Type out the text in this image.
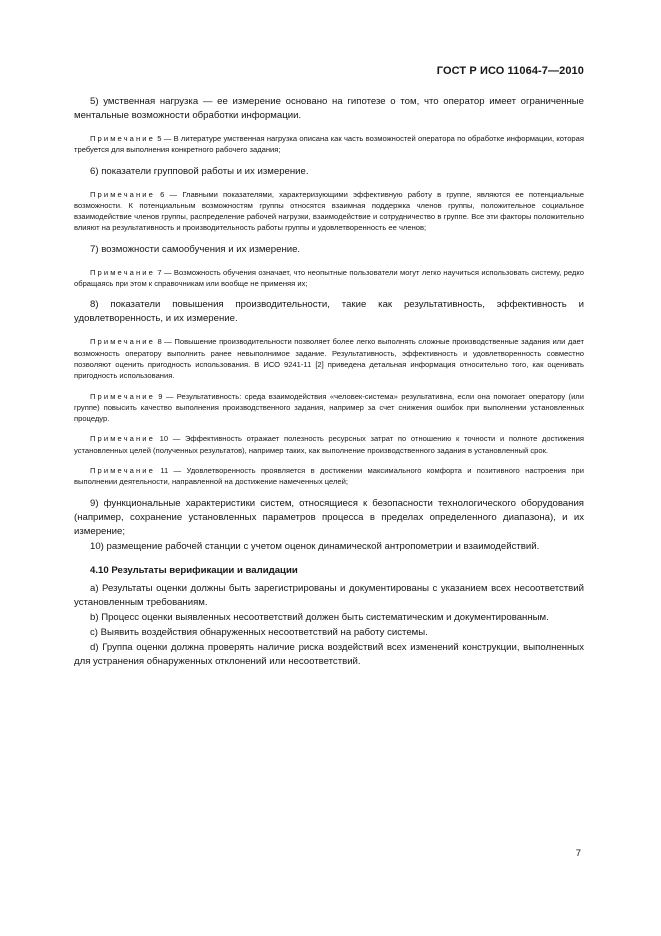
ГОСТ Р ИСО 11064-7—2010
5) умственная нагрузка — ее измерение основано на гипотезе о том, что оператор имеет ограниченные ментальные возможности обработки информации.
Примечание 5 — В литературе умственная нагрузка описана как часть возможностей оператора по обработке информации, которая требуется для выполнения конкретного рабочего задания;
6) показатели групповой работы и их измерение.
Примечание 6 — Главными показателями, характеризующими эффективную работу в группе, являются ее потенциальные возможности. К потенциальным возможностям группы относятся взаимная поддержка членов группы, положительное социальное взаимодействие членов группы, распределение рабочей нагрузки, взаимодействие и сотрудничество в группе. Все эти факторы положительно влияют на результативность и производительность работы группы и удовлетворенность ее членов;
7) возможности самообучения и их измерение.
Примечание 7 — Возможность обучения означает, что неопытные пользователи могут легко научиться использовать систему, редко обращаясь при этом к справочникам или вообще не применяя их;
8) показатели повышения производительности, такие как результативность, эффективность и удовлетворенность, и их измерение.
Примечание 8 — Повышение производительности позволяет более легко выполнять сложные производственные задания или дает возможность оператору выполнить ранее невыполнимое задание. Результативность, эффективность и удовлетворенность совместно позволяют оценить пригодность использования. В ИСО 9241-11 [2] приведена детальная информация относительно того, как оценивать пригодность использования.
Примечание 9 — Результативность: среда взаимодействия «человек-система» результативна, если она помогает оператору (или группе) повысить качество выполнения производственного задания, например за счет снижения ошибок при выполнении установленных процедур.
Примечание 10 — Эффективность отражает полезность ресурсных затрат по отношению к точности и полноте достижения установленных целей (полученных результатов), например таких, как выполнение производственного задания в установленный срок.
Примечание 11 — Удовлетворенность проявляется в достижении максимального комфорта и позитивного настроения при выполнении деятельности, направленной на достижение намеченных целей;
9) функциональные характеристики систем, относящиеся к безопасности технологического оборудования (например, сохранение установленных параметров процесса в пределах определенного диапазона), и их измерение;
10) размещение рабочей станции с учетом оценок динамической антропометрии и взаимодействий.
4.10 Результаты верификации и валидации
a) Результаты оценки должны быть зарегистрированы и документированы с указанием всех несоответствий установленным требованиям.
b) Процесс оценки выявленных несоответствий должен быть систематическим и документированным.
c) Выявить воздействия обнаруженных несоответствий на работу системы.
d) Группа оценки должна проверять наличие риска воздействий всех изменений конструкции, выполненных для устранения обнаруженных отклонений или несоответствий.
7
